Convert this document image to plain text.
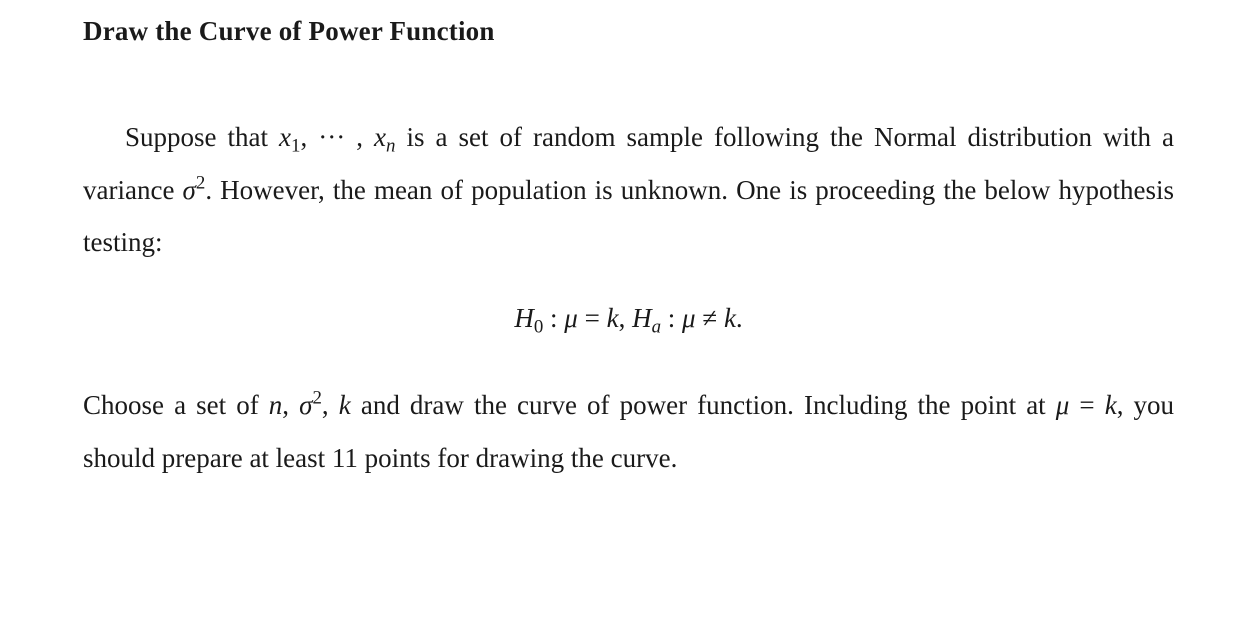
Draw the Curve of Power Function

Suppose that $x_1$, ··· , $x_n$ is a set of random sample following the Normal distribution with a variance $\sigma^2$. However, the mean of population is unknown. One is proceeding the below hypothesis testing:

$H_0$ : μ = k, $H_a$ : μ ≠ k.

Choose a set of n, $\sigma^2$, k and draw the curve of power function. Including the point at μ = k, you should prepare at least 11 points for drawing the curve.
